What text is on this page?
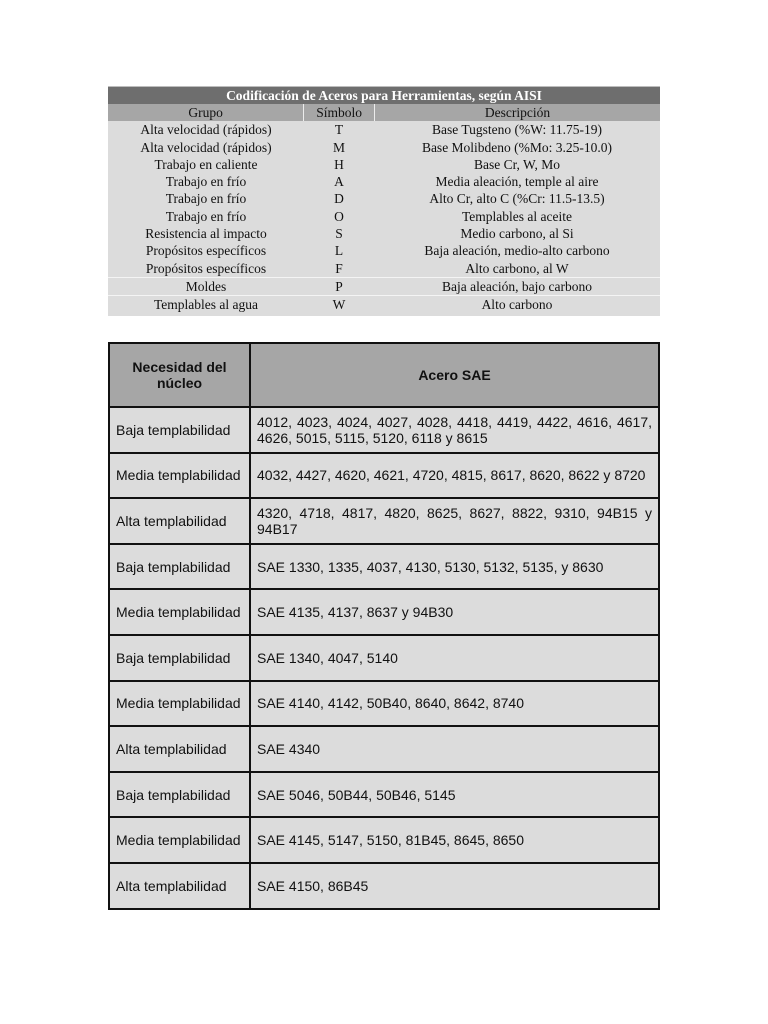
Codificación de Aceros para Herramientas, según AISI
Grupo	Símbolo	Descripción
Alta velocidad (rápidos)	T	Base Tugsteno (%W: 11.75-19)
Alta velocidad (rápidos)	M	Base Molibdeno (%Mo: 3.25-10.0)
Trabajo en caliente	H	Base Cr, W, Mo
Trabajo en frío	A	Media aleación, temple al aire
Trabajo en frío	D	Alto Cr, alto C (%Cr: 11.5-13.5)
Trabajo en frío	O	Templables al aceite
Resistencia al impacto	S	Medio carbono, al Si
Propósitos específicos	L	Baja aleación, medio-alto carbono
Propósitos específicos	F	Alto carbono, al W
Moldes	P	Baja aleación, bajo carbono
Templables al agua	W	Alto carbono
Necesidad del núcleo	Acero SAE
Baja templabilidad	4012, 4023, 4024, 4027, 4028, 4418, 4419, 4422, 4616, 4617, 4626, 5015, 5115, 5120, 6118 y 8615
Media templabilidad	4032, 4427, 4620, 4621, 4720, 4815, 8617, 8620, 8622 y 8720
Alta templabilidad	4320, 4718, 4817, 4820, 8625, 8627, 8822, 9310, 94B15 y 94B17
Baja templabilidad	SAE 1330, 1335, 4037, 4130, 5130, 5132, 5135, y 8630
Media templabilidad	SAE 4135, 4137, 8637 y 94B30
Baja templabilidad	SAE 1340, 4047, 5140
Media templabilidad	SAE 4140, 4142, 50B40, 8640, 8642, 8740
Alta templabilidad	SAE 4340
Baja templabilidad	SAE 5046, 50B44, 50B46, 5145
Media templabilidad	SAE 4145, 5147, 5150, 81B45, 8645, 8650
Alta templabilidad	SAE 4150, 86B45
